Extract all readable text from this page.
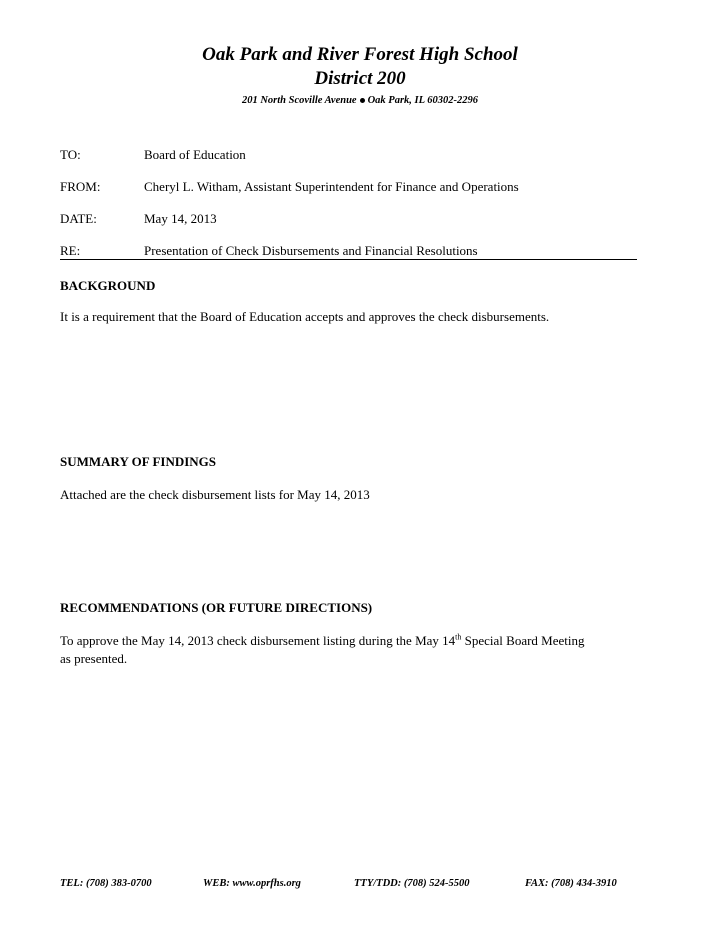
Oak Park and River Forest High School
District 200
201 North Scoville Avenue Oak Park, IL 60302-2296
TO:	Board of Education
FROM:	Cheryl L. Witham, Assistant Superintendent for Finance and Operations
DATE:	May 14, 2013
RE:	Presentation of Check Disbursements and Financial Resolutions
BACKGROUND
It is a requirement that the Board of Education accepts and approves the check disbursements.
SUMMARY OF FINDINGS
Attached are the check disbursement lists for May 14, 2013
RECOMMENDATIONS (OR FUTURE DIRECTIONS)
To approve the May 14, 2013 check disbursement listing during the May 14th Special Board Meeting
as presented.
TEL: (708) 383-0700	WEB: www.oprfhs.org	TTY/TDD: (708) 524-5500	FAX: (708) 434-3910
